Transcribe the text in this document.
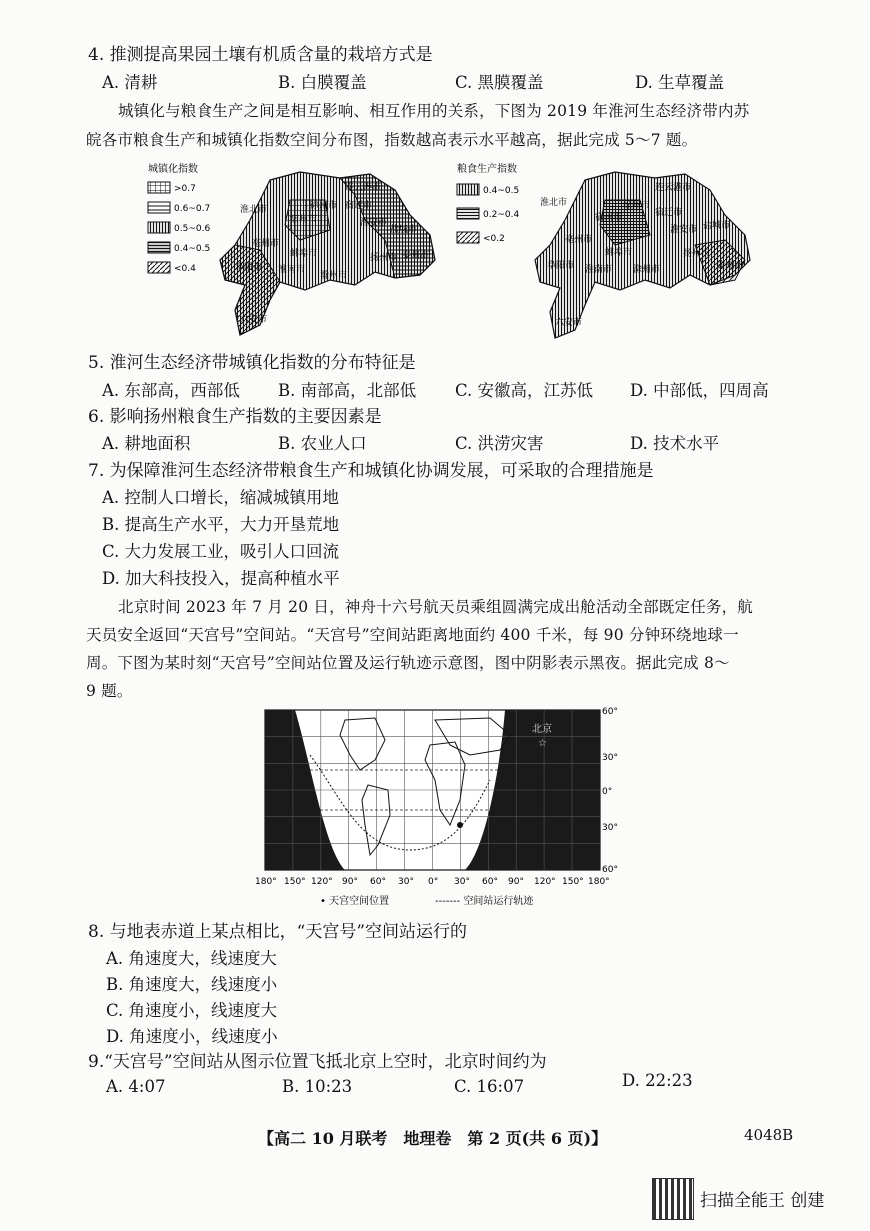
4. 推测提高果园土壤有机质含量的栽培方式是
A. 清耕	B. 白膜覆盖	C. 黑膜覆盖	D. 生草覆盖
城镇化与粮食生产之间是相互影响、相互作用的关系，下图为 2019 年淮河生态经济带内苏
皖各市粮食生产和城镇化指数空间分布图，指数越高表示水平越高，据此完成 5～7 题。
城镇化指数
>0.7
0.6~0.7
0.5~0.6
0.4~0.5
<0.4
连云港市
淮北市
宿州市
徐州市
盐城市
淮安市
宿迁市
亳州市
阜阳市
蚌埠市
淮南市
滁州市
扬州市 泰州市
六安市
粮食生产指数
0.4~0.5
0.2~0.4
<0.2
连云港市
淮北市	徐州市
宿州市	宿迁市
盐城市
淮安市
亳州市
阜阳市
蚌埠市
滁州市
淮南市
扬州市
泰州市
六安市
5. 淮河生态经济带城镇化指数的分布特征是
A. 东部高，西部低 B. 南部高，北部低 C. 安徽高，江苏低 D. 中部低，四周高
6. 影响扬州粮食生产指数的主要因素是
A. 耕地面积	B. 农业人口	C. 洪涝灾害	D. 技术水平
7. 为保障淮河生态经济带粮食生产和城镇化协调发展，可采取的合理措施是
A. 控制人口增长，缩减城镇用地
B. 提高生产水平，大力开垦荒地
C. 大力发展工业，吸引人口回流
D. 加大科技投入，提高种植水平
北京时间 2023 年 7 月 20 日，神舟十六号航天员乘组圆满完成出舱活动全部既定任务，航
天员安全返回“天宫号”空间站。“天宫号”空间站距离地面约 400 千米，每 90 分钟环绕地球一
周。下图为某时刻“天宫号”空间站位置及运行轨迹示意图，图中阴影表示黑夜。据此完成 8～
9 题。
北京
☆
60°
30°
0°
30°
60°
180° 150° 120° 90° 60° 30° 0° 30° 60° 90° 120° 150° 180°
• 天宫空间位置	------- 空间站运行轨迹
8. 与地表赤道上某点相比，“天宫号”空间站运行的
A. 角速度大，线速度大
B. 角速度大，线速度小
C. 角速度小，线速度大
D. 角速度小，线速度小
9.“天宫号”空间站从图示位置飞抵北京上空时，北京时间约为
A. 4:07	B. 10:23	C. 16:07	D. 22:23
【高二 10 月联考　地理卷　第 2 页(共 6 页)】	4048B
扫描全能王 创建
